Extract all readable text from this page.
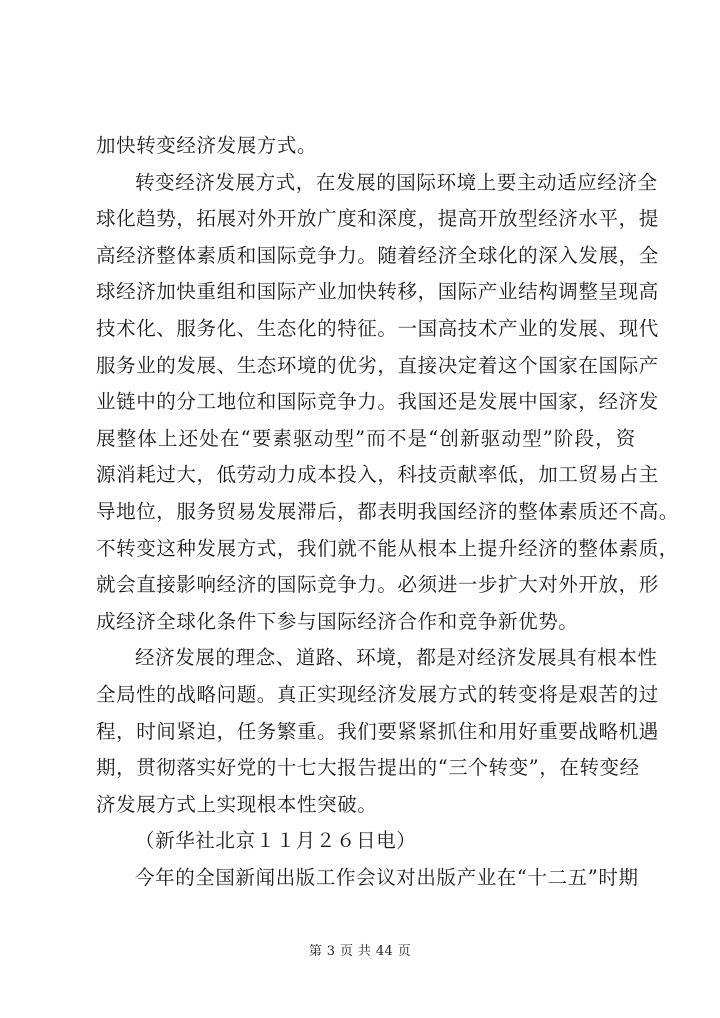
加快转变经济发展方式。
转变经济发展方式，在发展的国际环境上要主动适应经济全
球化趋势，拓展对外开放广度和深度，提高开放型经济水平，提
高经济整体素质和国际竞争力。随着经济全球化的深入发展，全
球经济加快重组和国际产业加快转移，国际产业结构调整呈现高
技术化、服务化、生态化的特征。一国高技术产业的发展、现代
服务业的发展、生态环境的优劣，直接决定着这个国家在国际产
业链中的分工地位和国际竞争力。我国还是发展中国家，经济发
展整体上还处在“要素驱动型”而不是“创新驱动型”阶段，资
源消耗过大，低劳动力成本投入，科技贡献率低，加工贸易占主
导地位，服务贸易发展滞后，都表明我国经济的整体素质还不高。
不转变这种发展方式，我们就不能从根本上提升经济的整体素质，
就会直接影响经济的国际竞争力。必须进一步扩大对外开放，形
成经济全球化条件下参与国际经济合作和竞争新优势。
经济发展的理念、道路、环境，都是对经济发展具有根本性
全局性的战略问题。真正实现经济发展方式的转变将是艰苦的过
程，时间紧迫，任务繁重。我们要紧紧抓住和用好重要战略机遇
期，贯彻落实好党的十七大报告提出的“三个转变”，在转变经
济发展方式上实现根本性突破。
（新华社北京１１月２６日电）
今年的全国新闻出版工作会议对出版产业在“十二五”时期
第 3 页 共 44 页
